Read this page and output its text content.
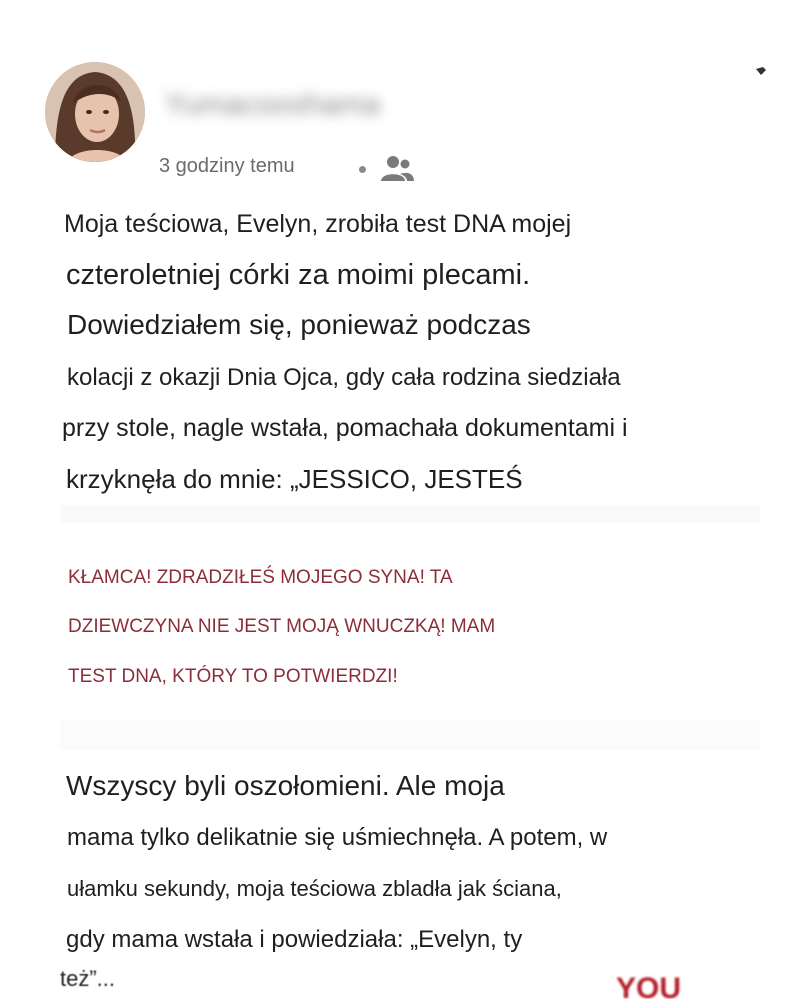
Yumacooshama
3 godziny temu
Moja teściowa, Evelyn, zrobiła test DNA mojej
czteroletniej córki za moimi plecami.
Dowiedziałem się, ponieważ podczas
kolacji z okazji Dnia Ojca, gdy cała rodzina siedziała
przy stole, nagle wstała, pomachała dokumentami i
krzyknęła do mnie: „JESSICO, JESTEŚ
KŁAMCA! ZDRADZIŁEŚ MOJEGO SYNA! TA
DZIEWCZYNA NIE JEST MOJĄ WNUCZKĄ! MAM
TEST DNA, KTÓRY TO POTWIERDZI!
Wszyscy byli oszołomieni. Ale moja
mama tylko delikatnie się uśmiechnęła. A potem, w
ułamku sekundy, moja teściowa zbladła jak ściana,
gdy mama wstała i powiedziała: „Evelyn, ty
też”...	YOU
